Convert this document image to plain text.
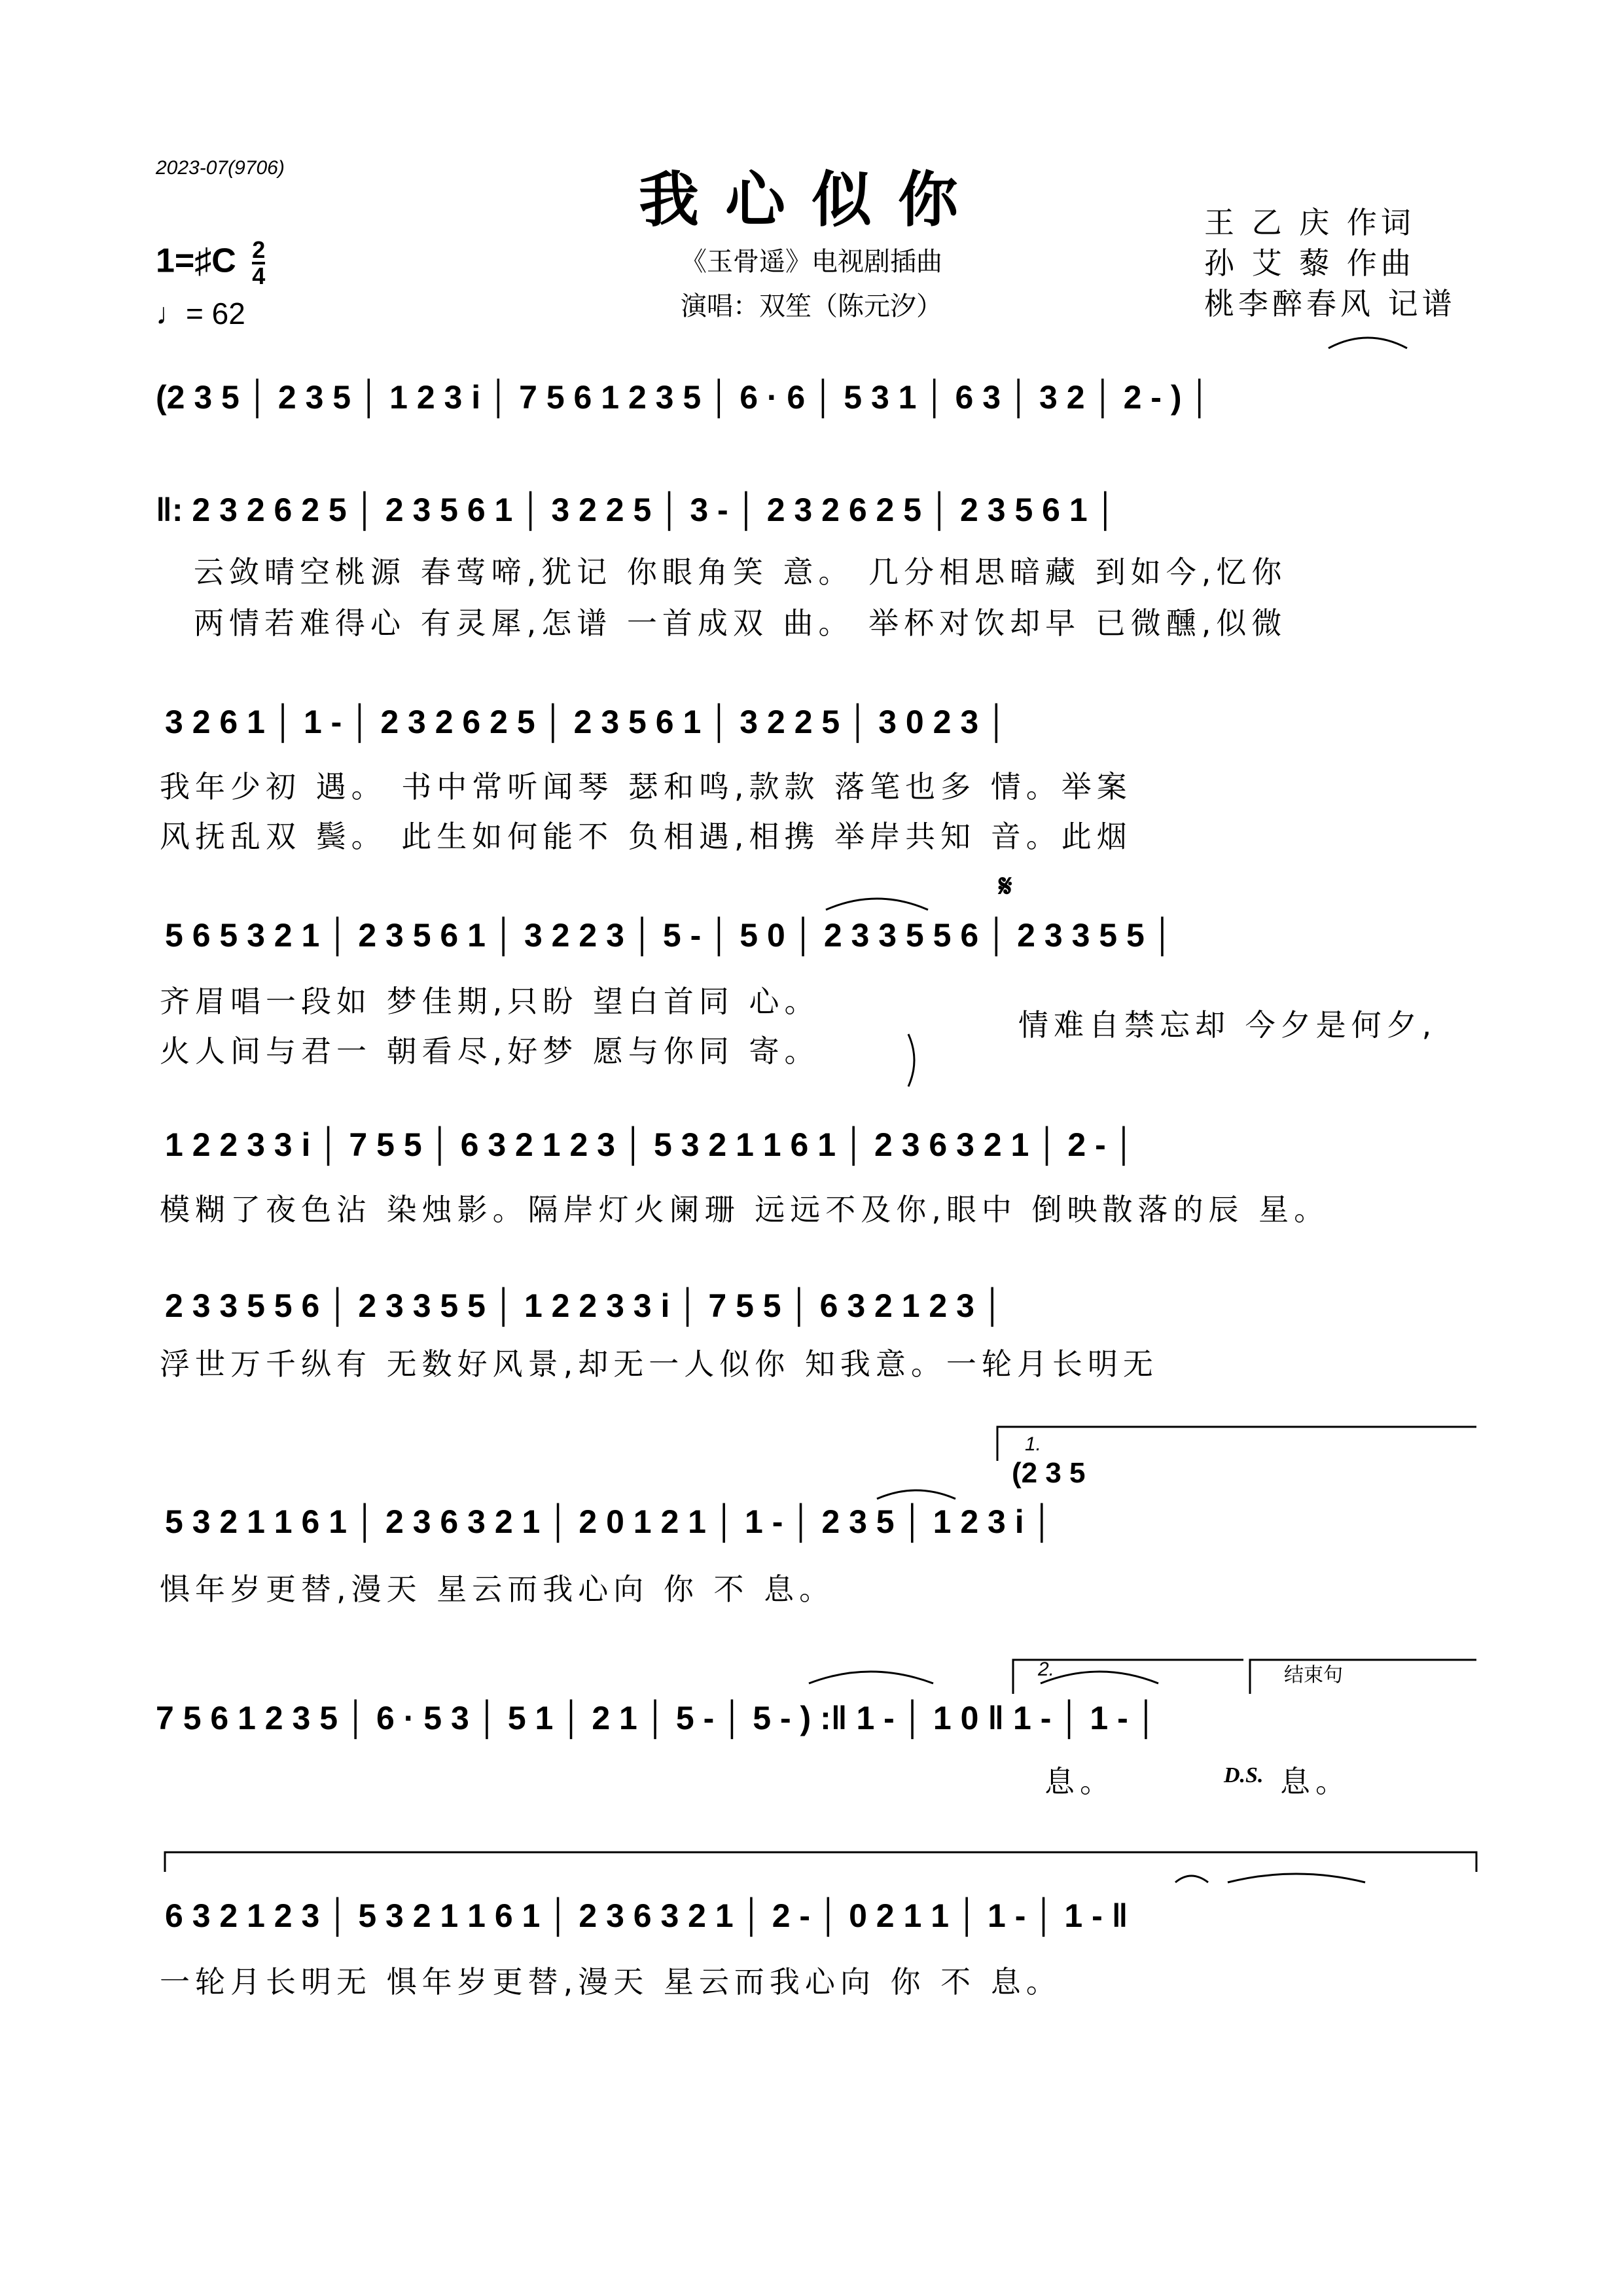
2023-07(9706)	我心似你
《玉骨遥》电视剧插曲
演唱：双笙（陈元汐）
王 乙 庆 作词
孙 艾 藜 作曲
桃李醉春风 记谱
1=♯C $\frac{2}{4}$
♩= 62
(2 3 5 │ 2 3 5 │ 1 2 3 i │ 7 5 6 1 2 3 5 │ 6 · 6 │ 5 3 1 │ 6 3 │ 3 2 │ 2 - ) │
‖: 2 3 2 6 2 5 │ 2 3 5 6 1 │ 3 2 2 5 │ 3 - │ 2 3 2 6 2 5 │ 2 3 5 6 1 │
云敛晴空桃源 春莺啼,犹记 你眼角笑 意。 几分相思暗藏 到如今,忆你
两情若难得心 有灵犀,怎谱 一首成双 曲。 举杯对饮却早 已微醺,似微
3 2 6 1 │ 1 - │ 2 3 2 6 2 5 │ 2 3 5 6 1 │ 3 2 2 5 │ 3 0 2 3 │
我年少初 遇。 书中常听闻琴 瑟和鸣,款款 落笔也多 情。举案
风抚乱双 鬓。 此生如何能不 负相遇,相携 举岸共知 音。此烟
𝄋
5 6 5 3 2 1 │ 2 3 5 6 1 │ 3 2 2 3 │ 5 - │ 5 0 │ 2 3 3 5 5 6 │ 2 3 3 5 5 │
齐眉唱一段如 梦佳期,只盼 望白首同 心。
火人间与君一 朝看尽,好梦 愿与你同 寄。
情难自禁忘却 今夕是何夕,
1 2 2 3 3 i │ 7 5 5 │ 6 3 2 1 2 3 │ 5 3 2 1 1 6 1 │ 2 3 6 3 2 1 │ 2 - │
模糊了夜色沾 染烛影。隔岸灯火阑珊 远远不及你,眼中 倒映散落的辰 星。
2 3 3 5 5 6 │ 2 3 3 5 5 │ 1 2 2 3 3 i │ 7 5 5 │ 6 3 2 1 2 3 │
浮世万千纵有 无数好风景,却无一人似你 知我意。一轮月长明无
1.
(2 3 5
5 3 2 1 1 6 1 │ 2 3 6 3 2 1 │ 2 0 1 2 1 │ 1 - │ 2 3 5 │ 1 2 3 i │
惧年岁更替,漫天 星云而我心向 你 不 息。
2.	结束句
7 5 6 1 2 3 5 │ 6 · 5 3 │ 5 1 │ 2 1 │ 5 - │ 5 - ) :‖ 1 - │ 1 0 ‖ 1 - │ 1 - │
息。	D.S. 息。
6 3 2 1 2 3 │ 5 3 2 1 1 6 1 │ 2 3 6 3 2 1 │ 2 - │ 0 2 1 1 │ 1 - │ 1 - ‖
一轮月长明无 惧年岁更替,漫天 星云而我心向 你 不 息。
